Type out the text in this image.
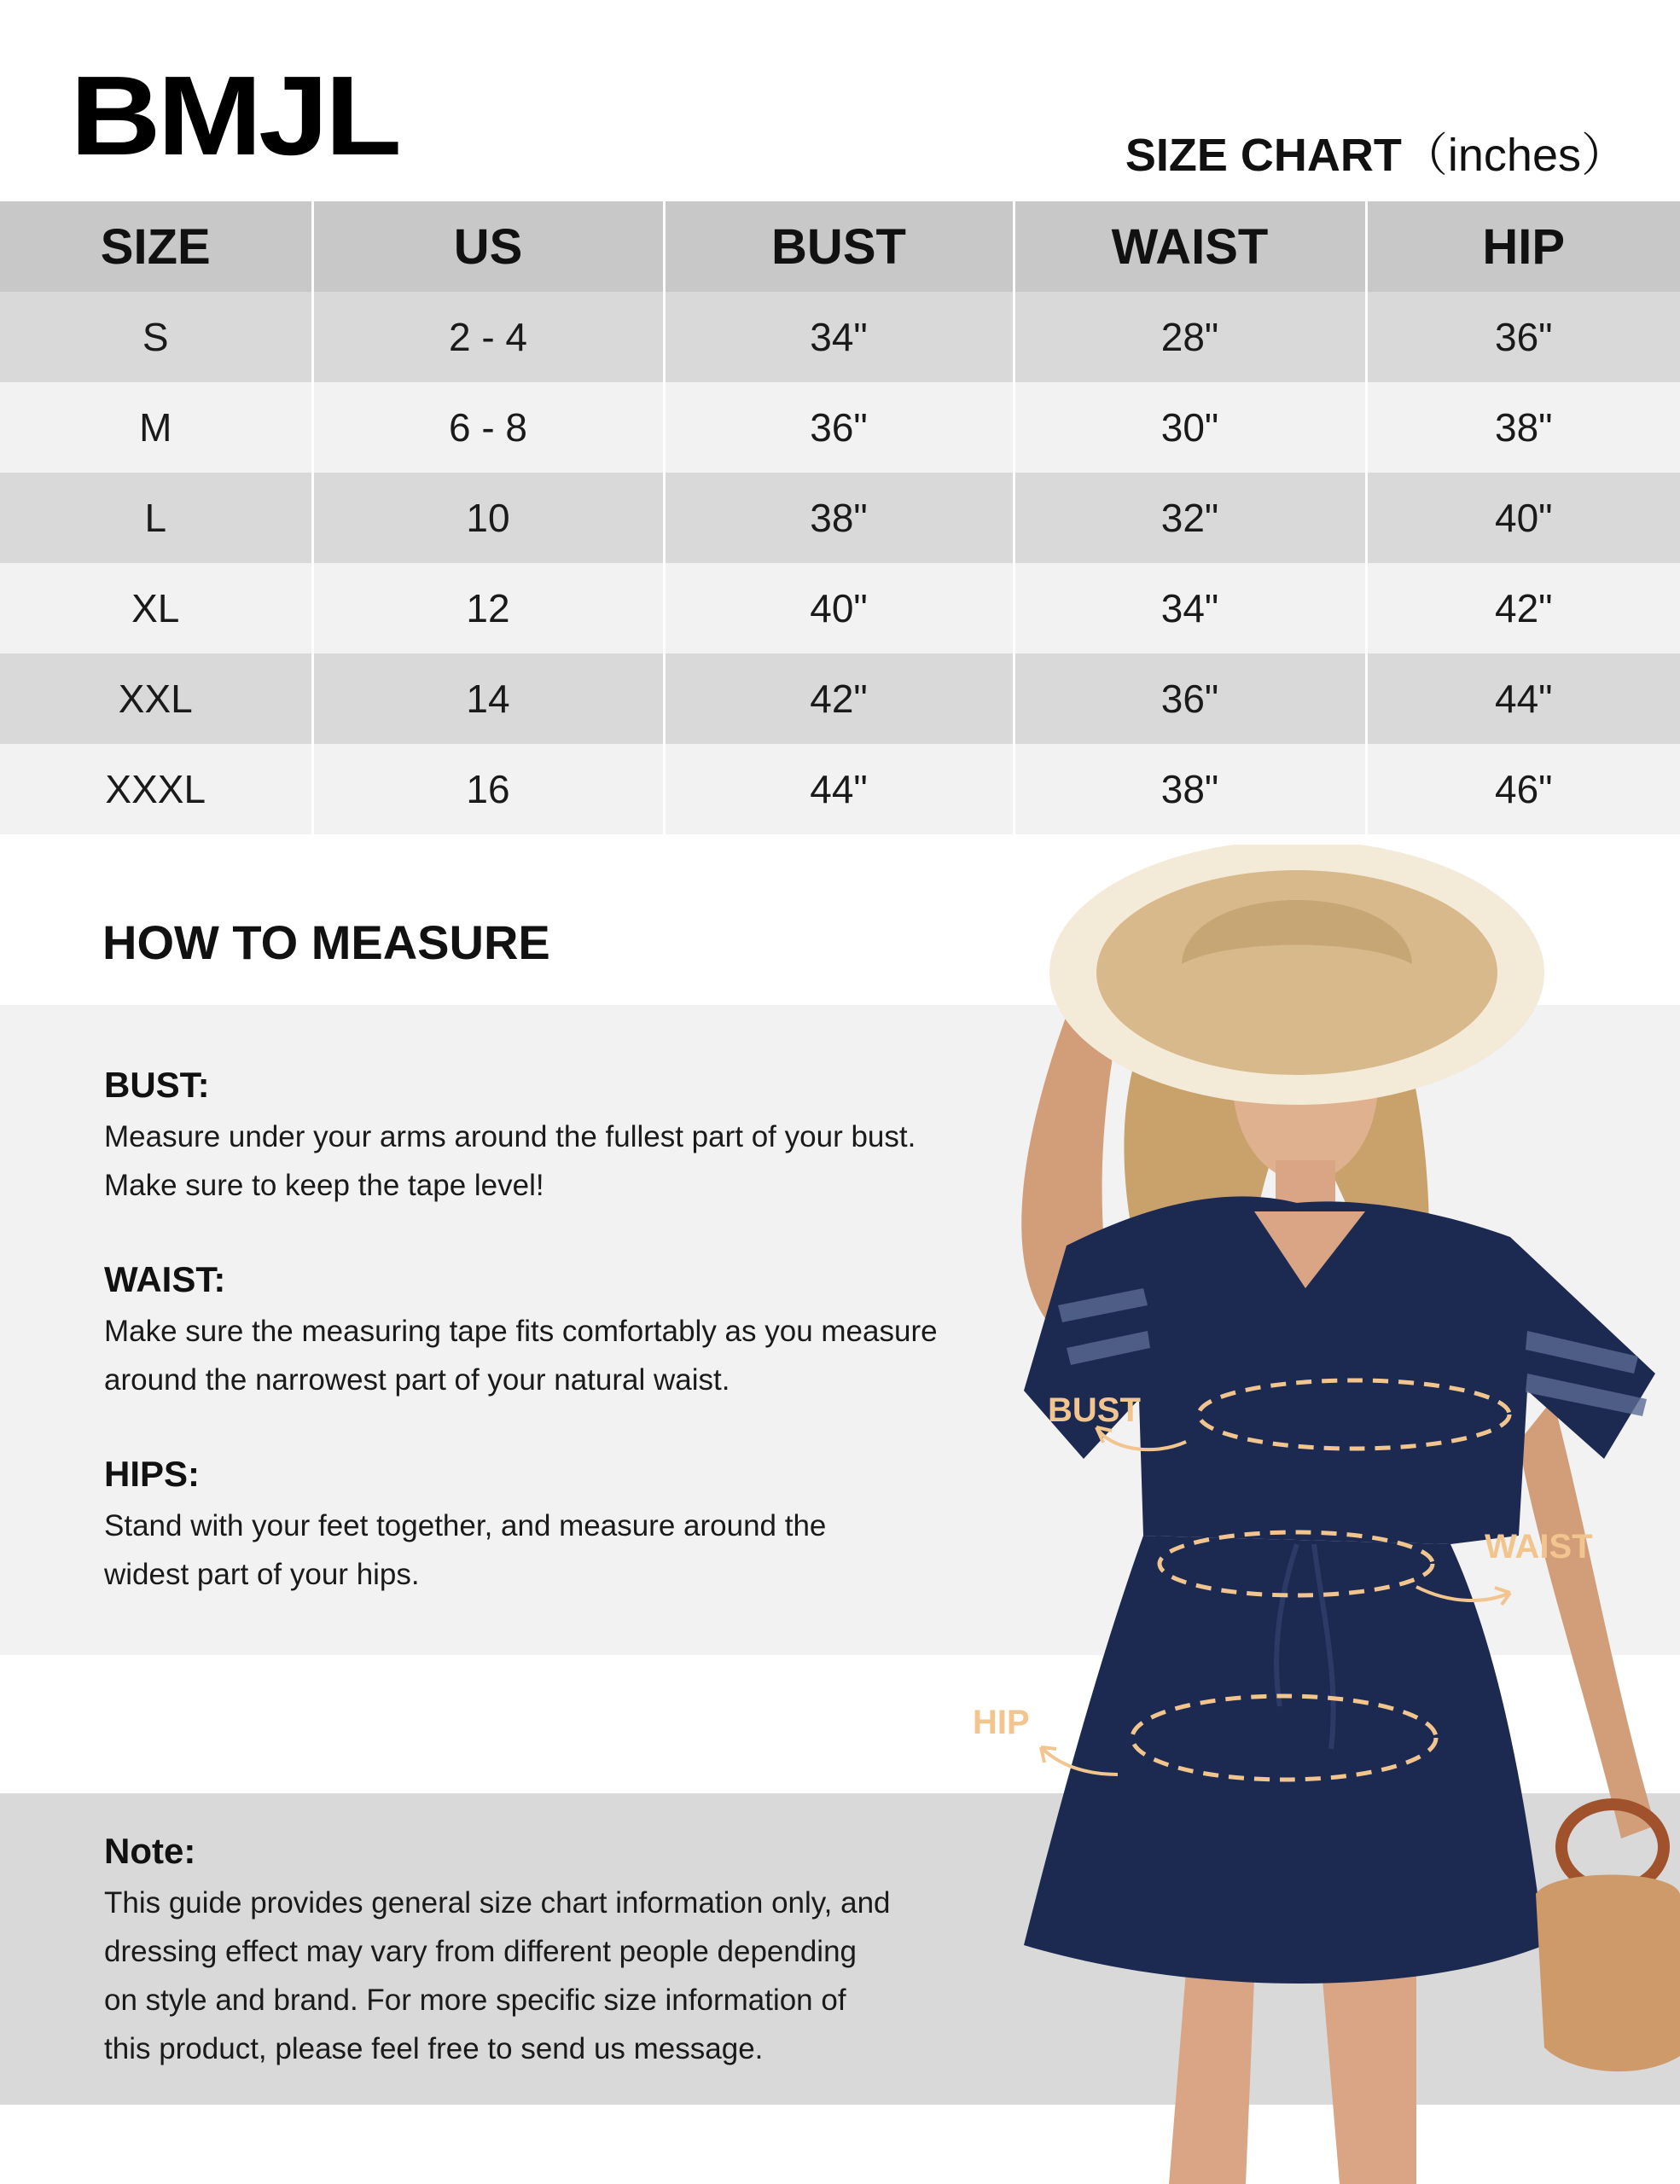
BMJL	SIZE CHART（inches）
SIZE	US	BUST	WAIST	HIP
S	2 - 4	34"	28"	36"
M	6 - 8	36"	30"	38"
L	10	38"	32"	40"
XL	12	40"	34"	42"
XXL	14	42"	36"	44"
XXXL	16	44"	38"	46"
HOW TO MEASURE

BUST:

Measure under your arms around the fullest part of your bust.

Make sure to keep the tape level!

WAIST:

Make sure the measuring tape fits comfortably as you measure

around the narrowest part of your natural waist.

HIPS:

Stand with your feet together, and measure around the

widest part of your hips.

Note:

This guide provides general size chart information only, and

dressing effect may vary from different people depending

on style and brand. For more specific size information of

this product, please feel free to send us message.

BUST
WAIST
HIP
